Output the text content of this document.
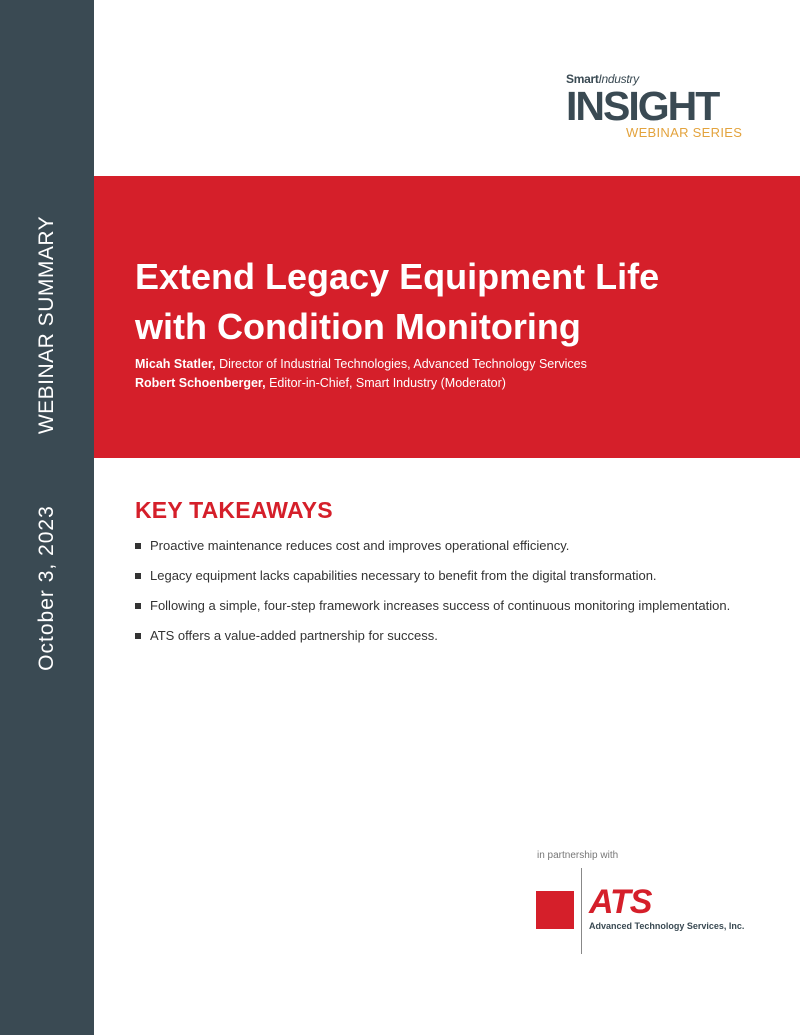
WEBINAR SUMMARY
October 3, 2023
SmartIndustry
INSIGHT
WEBINAR SERIES
Extend Legacy Equipment Life
with Condition Monitoring
Micah Statler, Director of Industrial Technologies, Advanced Technology Services
Robert Schoenberger, Editor-in-Chief, Smart Industry (Moderator)
KEY TAKEAWAYS
Proactive maintenance reduces cost and improves operational efficiency.
Legacy equipment lacks capabilities necessary to benefit from the digital transformation.
Following a simple, four-step framework increases success of continuous monitoring implementation.
ATS offers a value-added partnership for success.
in partnership with
ATS
Advanced Technology Services, Inc.
